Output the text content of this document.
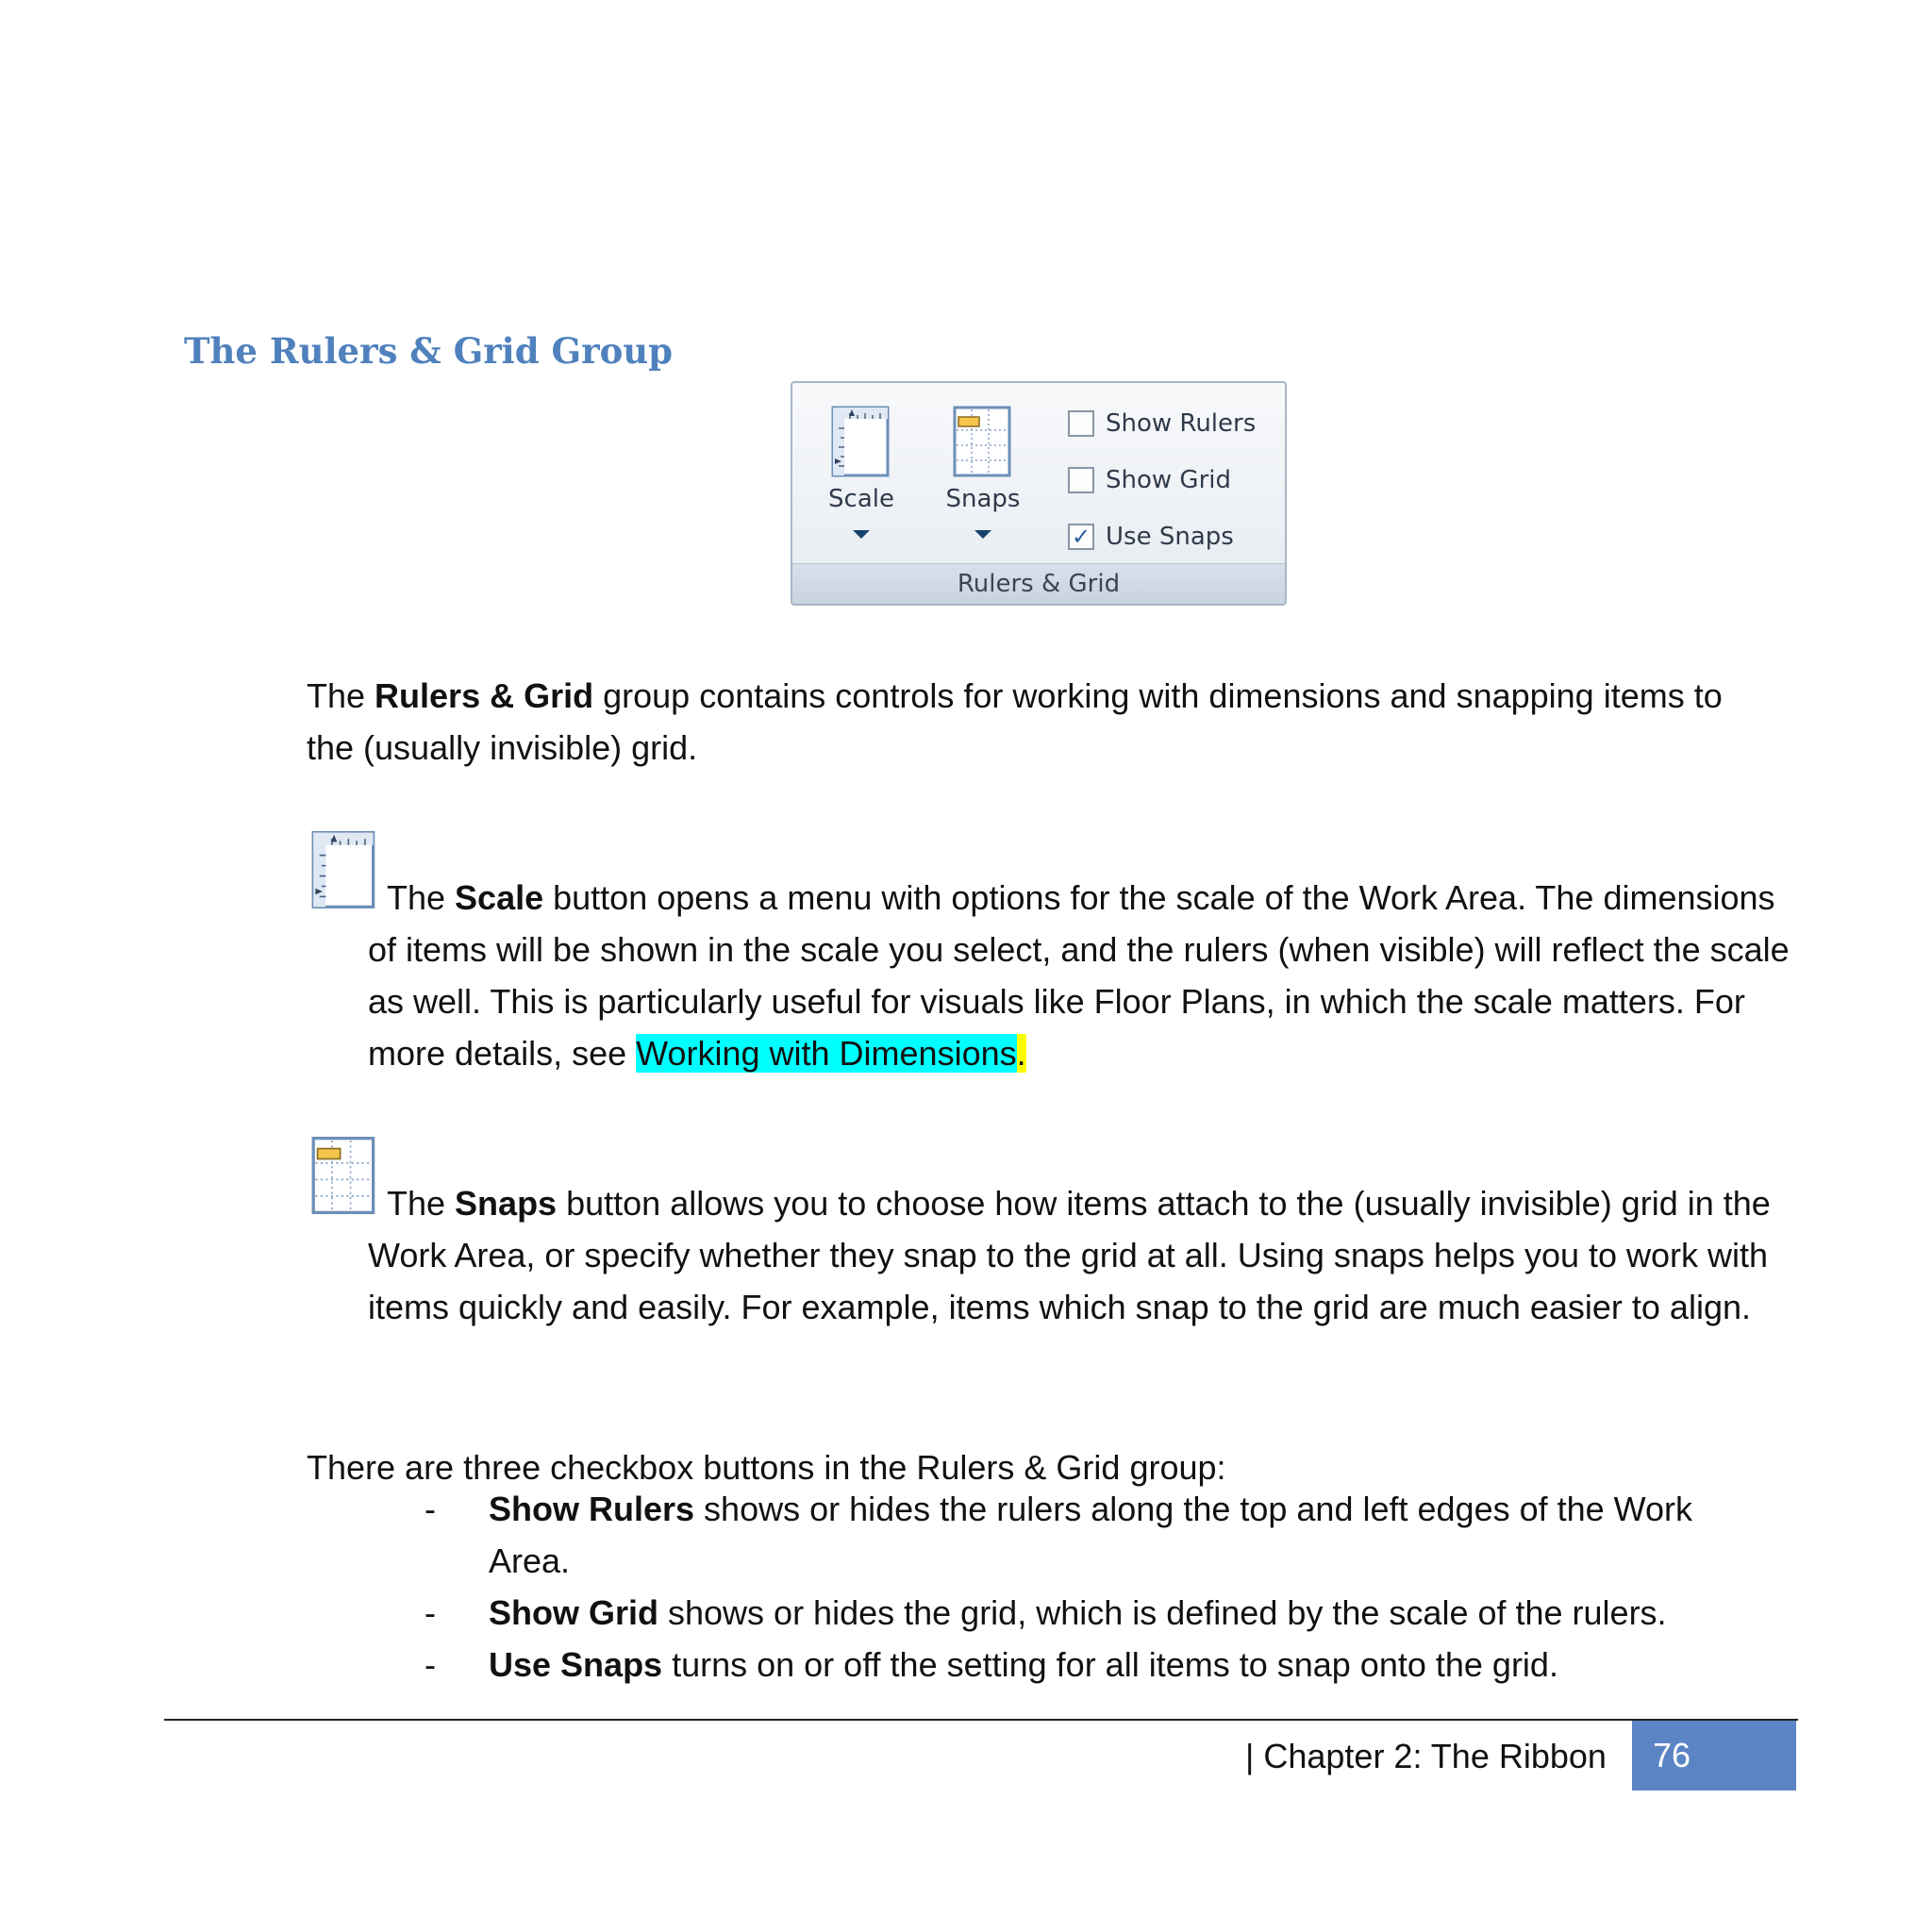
The Rulers & Grid Group
Scale	Snaps
Show Rulers
Show Grid
✓ Use Snaps
Rulers & Grid

The Rulers & Grid group contains controls for working with dimensions and snapping items to the (usually invisible) grid.

The Scale button opens a menu with options for the scale of the Work Area. The dimensions of items will be shown in the scale you select, and the rulers (when visible) will reflect the scale as well. This is particularly useful for visuals like Floor Plans, in which the scale matters. For more details, see Working with Dimensions.

The Snaps button allows you to choose how items attach to the (usually invisible) grid in the Work Area, or specify whether they snap to the grid at all. Using snaps helps you to work with items quickly and easily. For example, items which snap to the grid are much easier to align.

There are three checkbox buttons in the Rulers & Grid group:

- Show Rulers shows or hides the rulers along the top and left edges of the Work Area.
- Show Grid shows or hides the grid, which is defined by the scale of the rulers.
- Use Snaps turns on or off the setting for all items to snap onto the grid.
| Chapter 2: The Ribbon	76
